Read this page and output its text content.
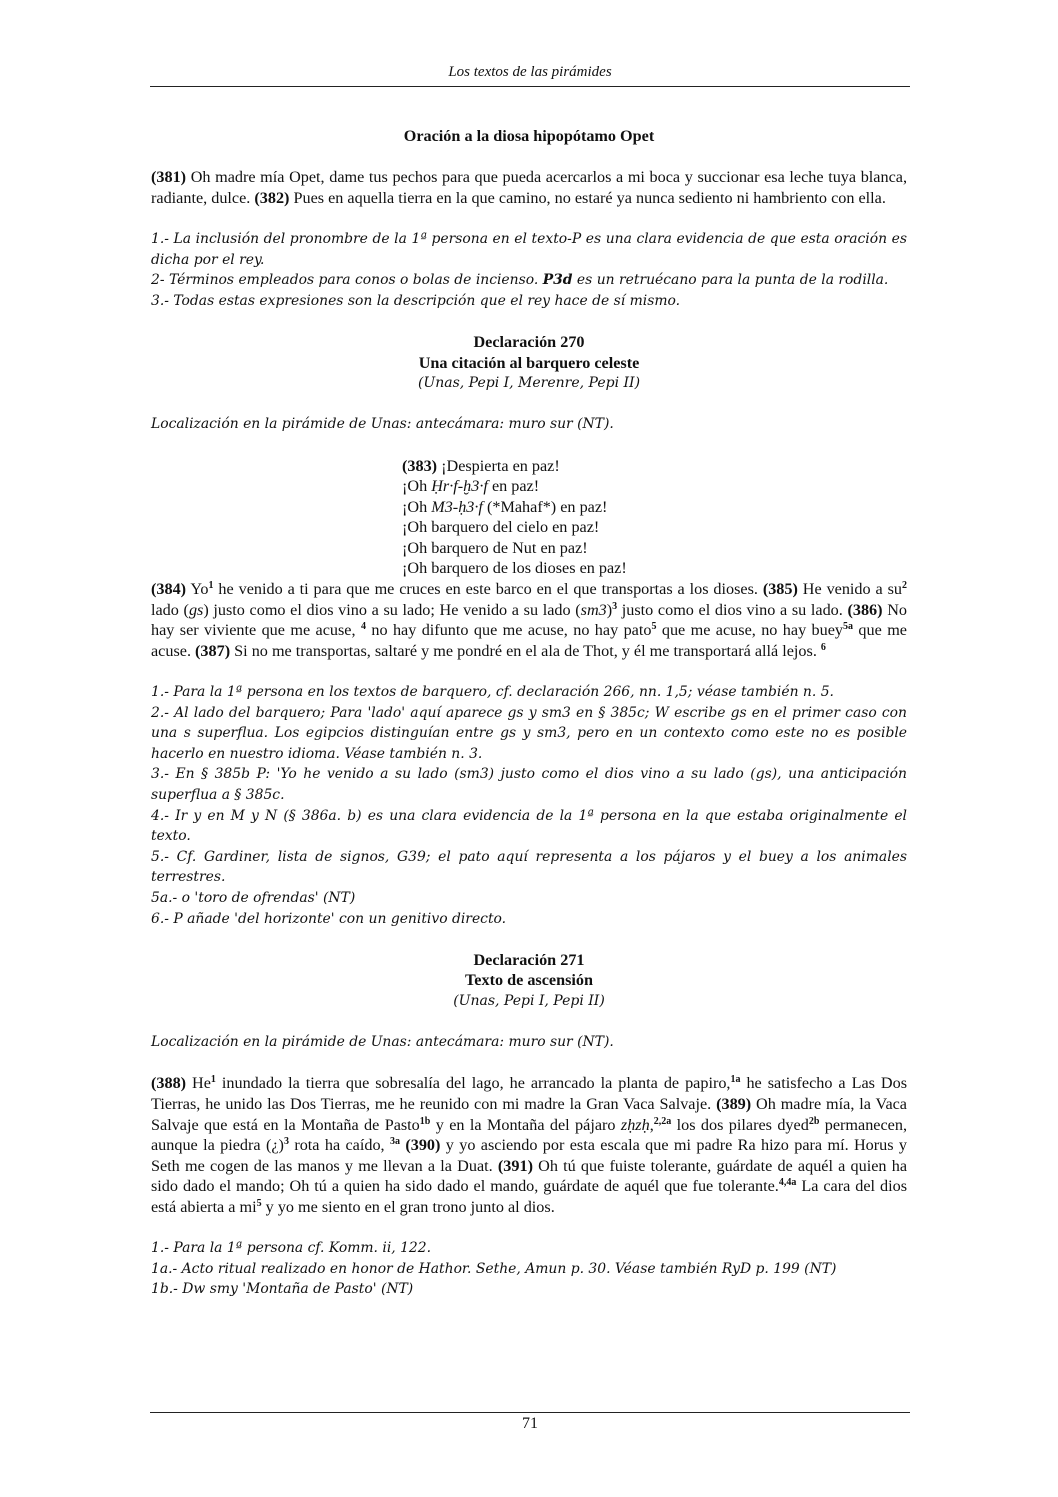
Los textos de las pirámides

Oración a la diosa hipopótamo Opet

(381) Oh madre mía Opet, dame tus pechos para que pueda acercarlos a mi boca y succionar esa leche tuya blanca, radiante, dulce. (382) Pues en aquella tierra en la que camino, no estaré ya nunca sediento ni hambriento con ella.

1.- La inclusión del pronombre de la 1ª persona en el texto-P es una clara evidencia de que esta oración es dicha por el rey.

2- Términos empleados para conos o bolas de incienso. P3d es un retruécano para la punta de la rodilla.

3.- Todas estas expresiones son la descripción que el rey hace de sí mismo.

Declaración 270

Una citación al barquero celeste

(Unas, Pepi I, Merenre, Pepi II)

Localización en la pirámide de Unas: antecámara: muro sur (NT).

(383) ¡Despierta en paz!

¡Oh Ḥr·f-ḫ3·f en paz!

¡Oh M3-ḥ3·f (*Mahaf*) en paz!

¡Oh barquero del cielo en paz!

¡Oh barquero de Nut en paz!

¡Oh barquero de los dioses en paz!

(384) Yo$^1$ he venido a ti para que me cruces en este barco en el que transportas a los dioses. (385) He venido a $su^2$ lado (gs) justo como el dios vino a su lado; He venido a su lado $(sm3)^3$ justo como el dios vino a su lado. (386) No hay ser viviente que me acuse, $^4$ no hay difunto que me acuse, no hay pato$^5$ que me acuse, no hay buey$^{5a}$ que me acuse. (387) Si no me transportas, saltaré y me pondré en el ala de Thot, y él me transportará allá lejos. $^6$

1.- Para la 1ª persona en los textos de barquero, cf. declaración 266, nn. 1,5; véase también n. 5.

2.- Al lado del barquero; Para 'lado' aquí aparece gs y sm3 en § 385c; W escribe gs en el primer caso con una s superflua. Los egipcios distinguían entre gs y sm3, pero en un contexto como este no es posible hacerlo en nuestro idioma. Véase también n. 3.

3.- En § 385b P: 'Yo he venido a su lado (sm3) justo como el dios vino a su lado (gs), una anticipación superflua a § 385c.

4.- Ir y en M y N (§ 386a. b) es una clara evidencia de la 1ª persona en la que estaba originalmente el texto.

5.- Cf. Gardiner, lista de signos, G39; el pato aquí representa a los pájaros y el buey a los animales terrestres.

5a.- o 'toro de ofrendas' (NT)

6.- P añade 'del horizonte' con un genitivo directo.

Declaración 271

Texto de ascensión

(Unas, Pepi I, Pepi II)

Localización en la pirámide de Unas: antecámara: muro sur (NT).

(388) He$^1$ inundado la tierra que sobresalía del lago, he arrancado la planta de papiro,$^{1a}$ he satisfecho a Las Dos Tierras, he unido las Dos Tierras, me he reunido con mi madre la Gran Vaca Salvaje. (389) Oh madre mía, la Vaca Salvaje que está en la Montaña de Pasto$^{1b}$ y en la Montaña del pájaro zḥzḥ,$^{2,2a}$ los dos pilares dyed$^{2b}$ permanecen, aunque la piedra (¿)$^3$ rota ha caído, $^{3a}$ (390) y yo asciendo por esta escala que mi padre Ra hizo para mí. Horus y Seth me cogen de las manos y me llevan a la Duat. (391) Oh tú que fuiste tolerante, guárdate de aquél a quien ha sido dado el mando; Oh tú a quien ha sido dado el mando, guárdate de aquél que fue tolerante.$^{4,4a}$ La cara del dios está abierta a $mi^5$ y yo me siento en el gran trono junto al dios.

1.- Para la 1ª persona cf. Komm. ii, 122.

1a.- Acto ritual realizado en honor de Hathor. Sethe, Amun p. 30. Véase también RyD p. 199 (NT)

1b.- Dw smy 'Montaña de Pasto' (NT)

71
